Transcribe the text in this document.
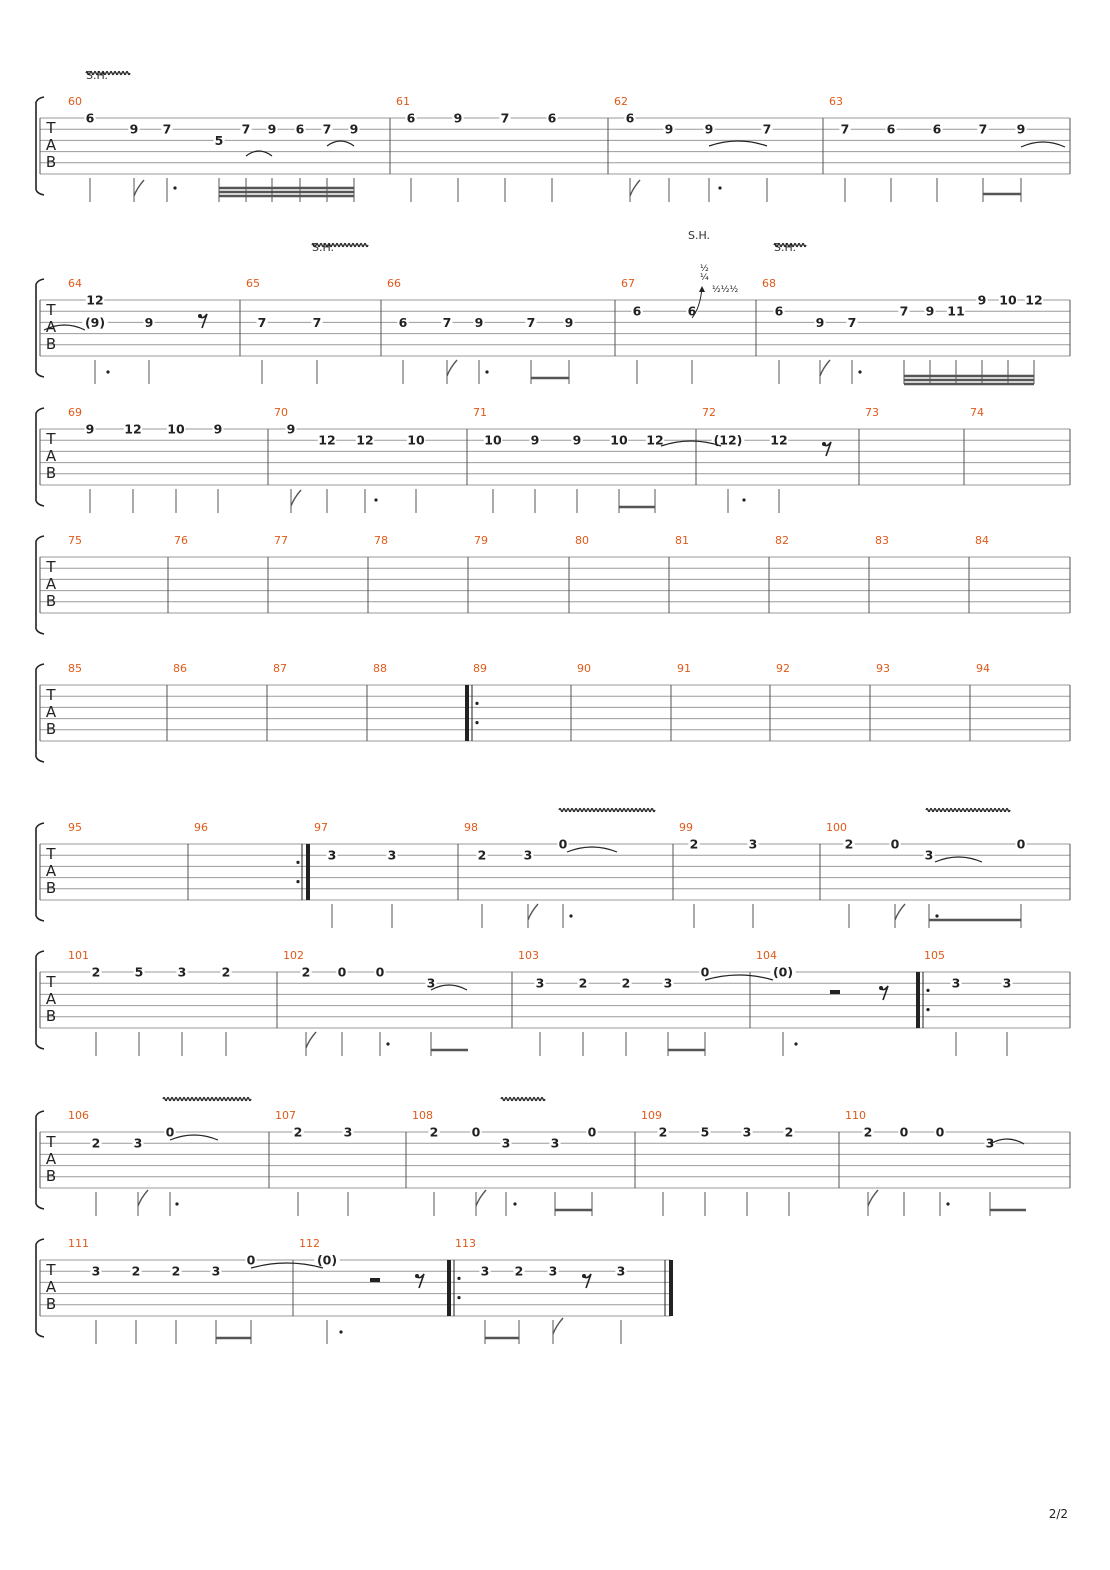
T
A
B
60
6
9 7
5
7 9 6 7 9
61
6	9	7	6
62
6
9	9	7
63
7	6	6	7 9
S.H.
T
A
B
64
12
(9)	9
65
7	7
66
6	7 9	7 9
67
6	6
68
6
9 7
7 9 11
9 10 12
S.H.
S.H.
S.H.
½
¼
½½½
T
A
B
69
9 12 10 9
70
9
12 12	10
71
10 9	9 10 12
72
(12) 12
73	74
T
A
B
75	76	77	78	79	80	81	82	83	84
T
A
B
85	86	87	88	89	90	91	92	93	94
T
A
B
95	96	97
3	3
98
2	3
0
99
2	3
100
2	0
3
0
T
A
B
101
2	5	3	2
102
2 0 0
3
103
3	2	2	3
0
104
(0)
105
3	3
T
A
B
106
2	3
0
107
2	3
108
2	0
3	3
0
109
2	5	3	2
110
2 0 0
3
T
A
B
111
3	2	2	3
0
112
(0)
113
3 2 3	3
2/2
